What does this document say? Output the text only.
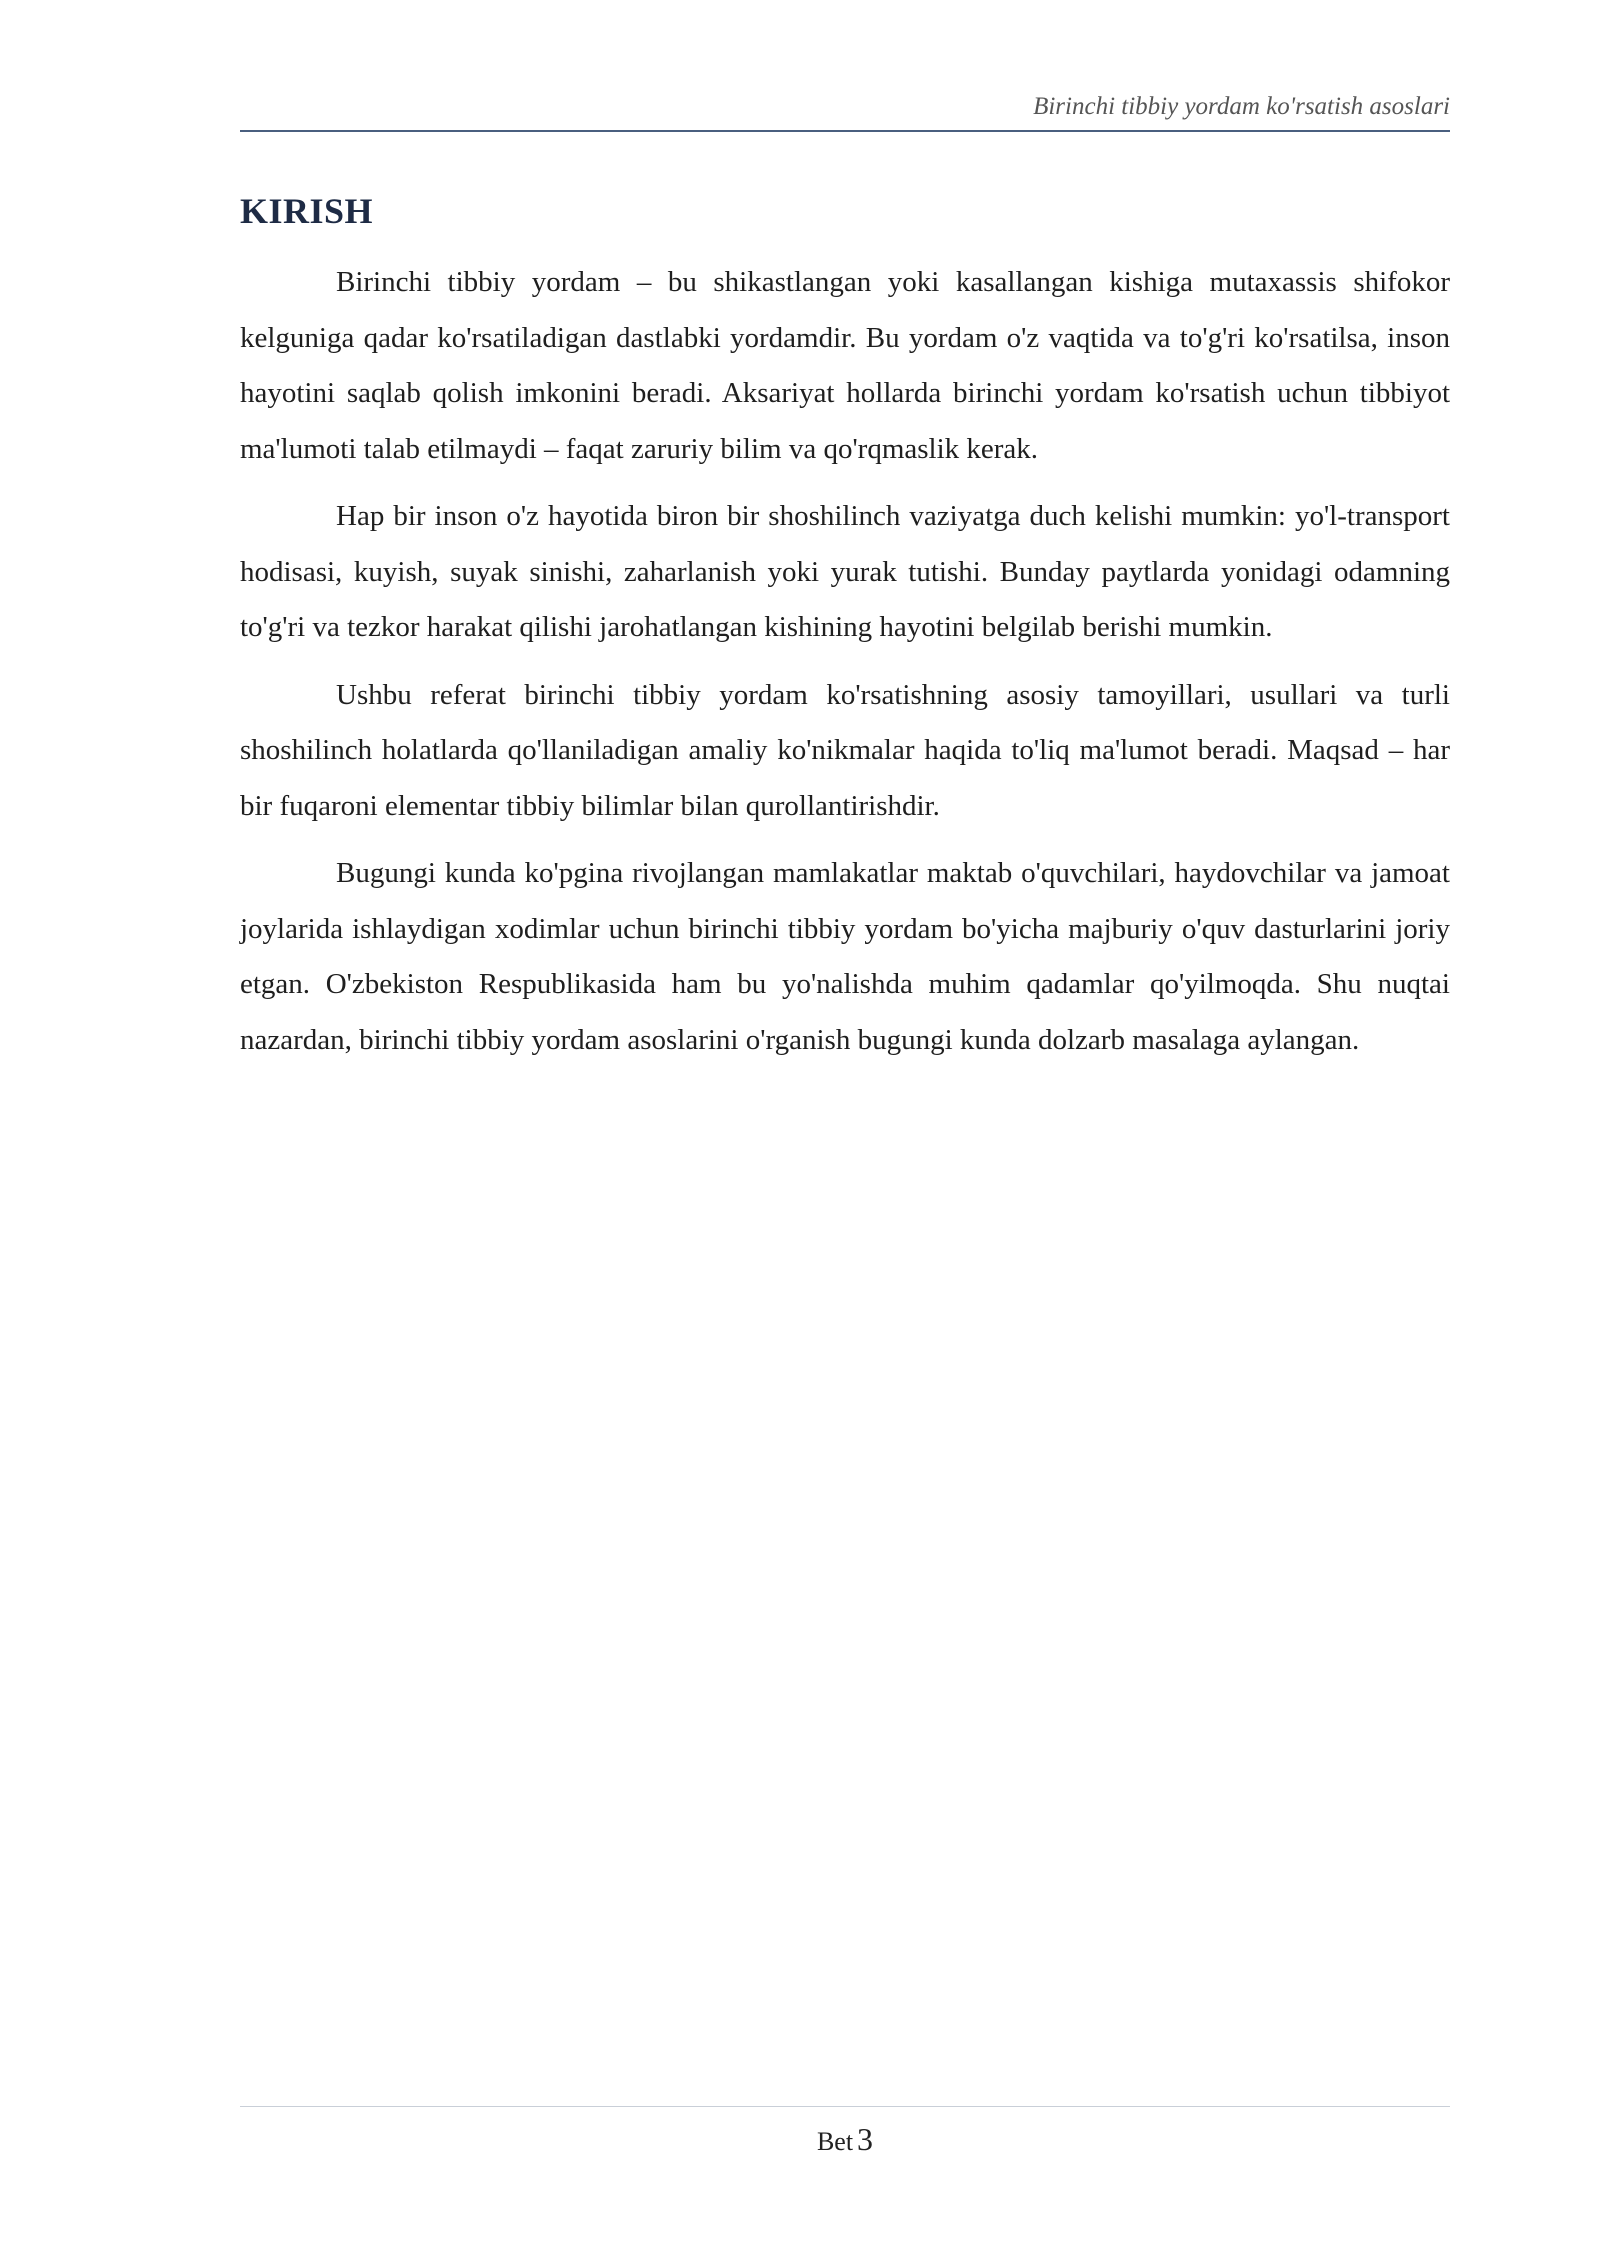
Birinchi tibbiy yordam ko'rsatish asoslari
KIRISH

Birinchi tibbiy yordam – bu shikastlangan yoki kasallangan kishiga mutaxassis shifokor kelguniga qadar ko'rsatiladigan dastlabki yordamdir. Bu yordam o'z vaqtida va to'g'ri ko'rsatilsa, inson hayotini saqlab qolish imkonini beradi. Aksariyat hollarda birinchi yordam ko'rsatish uchun tibbiyot ma'lumoti talab etilmaydi – faqat zaruriy bilim va qo'rqmaslik kerak.

Hap bir inson o'z hayotida biron bir shoshilinch vaziyatga duch kelishi mumkin: yo'l-transport hodisasi, kuyish, suyak sinishi, zaharlanish yoki yurak tutishi. Bunday paytlarda yonidagi odamning to'g'ri va tezkor harakat qilishi jarohatlangan kishining hayotini belgilab berishi mumkin.

Ushbu referat birinchi tibbiy yordam ko'rsatishning asosiy tamoyillari, usullari va turli shoshilinch holatlarda qo'llaniladigan amaliy ko'nikmalar haqida to'liq ma'lumot beradi. Maqsad – har bir fuqaroni elementar tibbiy bilimlar bilan qurollantirishdir.

Bugungi kunda ko'pgina rivojlangan mamlakatlar maktab o'quvchilari, haydovchilar va jamoat joylarida ishlaydigan xodimlar uchun birinchi tibbiy yordam bo'yicha majburiy o'quv dasturlarini joriy etgan. O'zbekiston Respublikasida ham bu yo'nalishda muhim qadamlar qo'yilmoqda. Shu nuqtai nazardan, birinchi tibbiy yordam asoslarini o'rganish bugungi kunda dolzarb masalaga aylangan.

Bet 3
